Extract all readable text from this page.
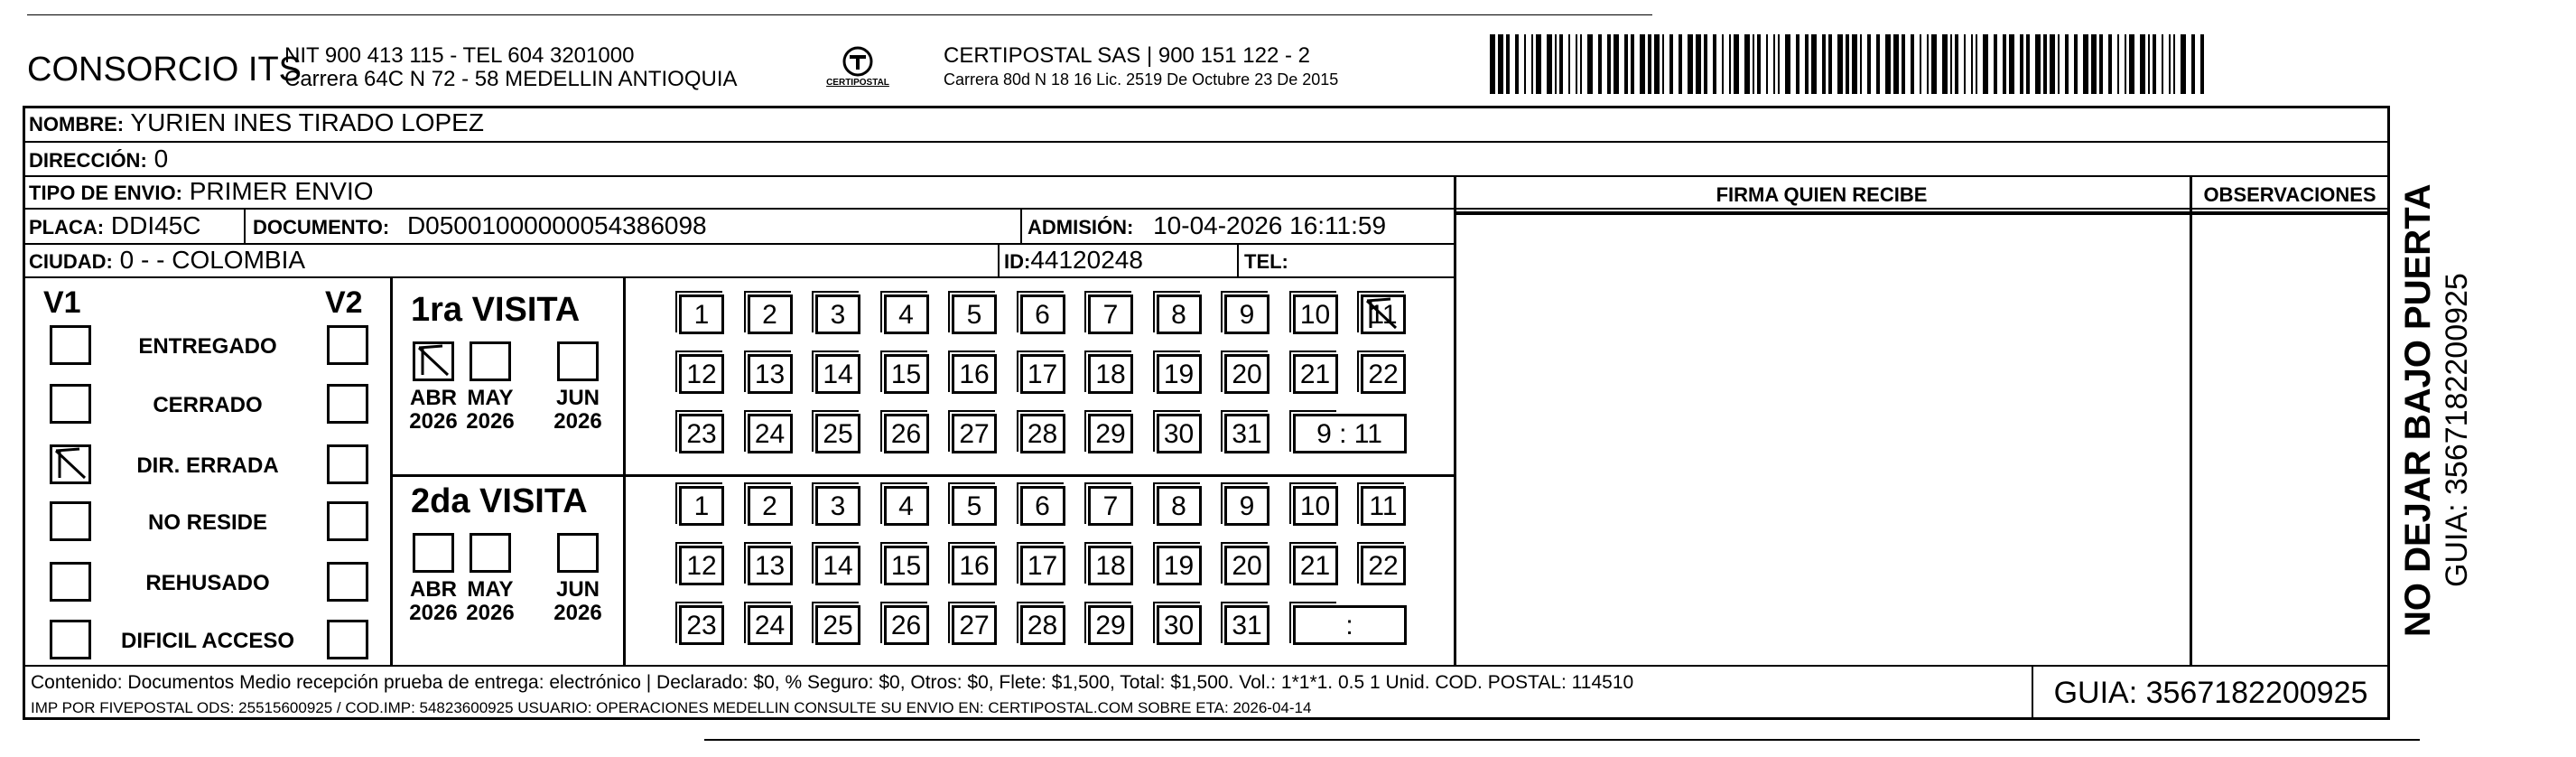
CONSORCIO ITS
NIT 900 413 115 - TEL 604 3201000
Carrera 64C N 72 - 58 MEDELLIN ANTIOQUIA	CERTIPOSTAL
CERTIPOSTAL SAS | 900 151 122 - 2
Carrera 80d N 18 16 Lic. 2519 De Octubre 23 De 2015
NOMBRE: YURIEN INES TIRADO LOPEZ
DIRECCIÓN: 0
TIPO DE ENVIO: PRIMER ENVIO
PLACA: DDI45C	DOCUMENTO: D05001000000054386098	ADMISIÓN: 10-04-2026 16:11:59
CIUDAD: 0 - - COLOMBIA	ID:44120248	TEL:
FIRMA QUIEN RECIBE	OBSERVACIONES
V1	V2
ENTREGADO
CERRADO
DIR. ERRADA
NO RESIDE
REHUSADO
DIFICIL ACCESO
1ra VISITA
2da VISITA
ABR
2026
MAY
2026
JUN
2026
1	2	3	4	5	6	7	8	9	10	11
12 13 14 15 16 17 18 19 20 21 22
23 24 25 26 27 28 29 30 31	9 : 11
ABR
2026
MAY
2026
JUN
2026
1	2	3	4	5	6	7	8	9	10	11
12 13 14 15 16 17 18 19 20 21 22
23 24 25 26 27 28 29 30 31	:
Contenido: Documentos Medio recepción prueba de entrega: electrónico | Declarado: $0, % Seguro: $0, Otros: $0, Flete: $1,500, Total: $1,500. Vol.: 1*1*1. 0.5 1 Unid. COD. POSTAL: 114510
IMP POR FIVEPOSTAL ODS: 25515600925 / COD.IMP: 54823600925 USUARIO: OPERACIONES MEDELLIN CONSULTE SU ENVIO EN: CERTIPOSTAL.COM SOBRE ETA: 2026-04-14	GUIA: 3567182200925
NO DEJAR BAJO PUERTA GUIA: 3567182200925
